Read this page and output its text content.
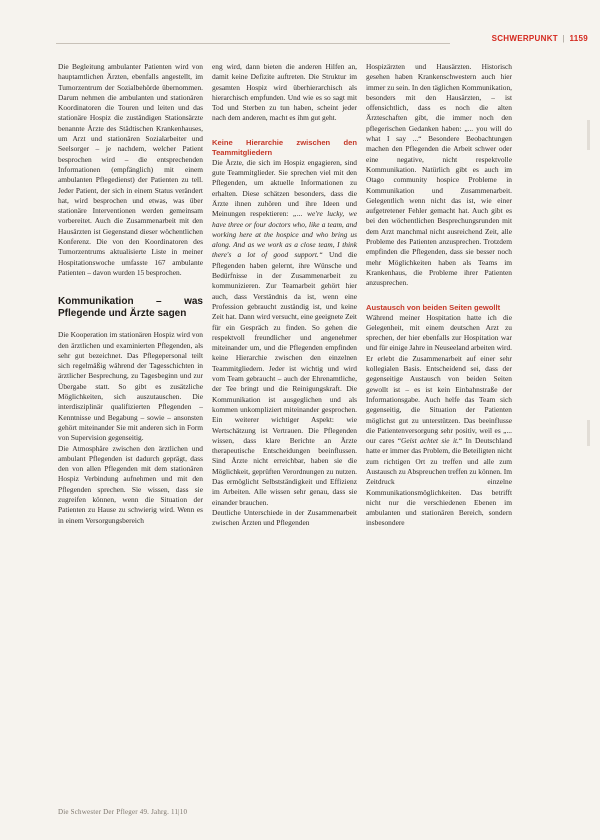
SCHWERPUNKT | 1159

Die Begleitung ambulanter Patienten wird von hauptamtlichen Ärzten, ebenfalls angestellt, im Tumorzentrum der Sozialbehörde übernommen. Darum nehmen die ambulanten und stationären Koordinatoren die Touren und leiten und das stationäre Hospiz die zuständigen Stationsärzte benannte Ärzte des Städtischen Krankenhauses, um Arzt und stationären Sozialarbeiter und Seelsorger – je nachdem, welcher Patient besprochen wird – die entsprechenden Informationen (empfänglich) mit einem ambulanten Pflegedienst) der Patienten zu tell. Jeder Patient, der sich in einem Status verändert hat, wird besprochen und etwas, was über stationäre Interventionen werden gemeinsam vorbereitet. Auch die Zusammenarbeit mit den Hausärzten ist Gegenstand dieser wöchentlichen Konferenz. Die von den Koordinatoren des Tumorzentrums aktualisierte Liste in meiner Hospitationswoche umfasste 167 ambulante Patienten – davon wurden 15 besprochen.

Kommunikation – was Pflegende und Ärzte sagen

Die Kooperation im stationären Hospiz wird von den ärztlichen und examinierten Pflegenden, als sehr gut bezeichnet. Das Pflegepersonal teilt sich regelmäßig während der Tagesschichten in ärztlicher Besprechung, zu Tagesbeginn und zur Übergabe statt. So gibt es zusätzliche Möglichkeiten, sich auszutauschen. Die interdisziplinär qualifizierten Pflegenden – Kenntnisse und Begabung – sowie – ansonsten gehört miteinander Sie mit anderen sich in Form von Supervision gegenseitig.

Die Atmosphäre zwischen den ärztlichen und ambulant Pflegenden ist dadurch geprägt, dass den von allen Pflegenden mit dem stationären Hospiz Verbindung aufnehmen und mit den Pflegenden sprechen. Sie wissen, dass sie zugreifen können, wenn die Situation der Patienten zu Hause zu schwierig wird. Wenn es in einem Versorgungsbereich

eng wird, dann bieten die anderen Hilfen an, damit keine Defizite auftreten. Die Struktur im gesamten Hospiz wird überhierarchisch als hierarchisch empfunden. Und wie es so sagt mit Tod und Sterben zu tun haben, scheint jeder nach dem anderen, macht es ihm gut geht.

Keine Hierarchie zwischen den Teammitgliedern

Die Ärzte, die sich im Hospiz engagieren, sind gute Teammitglieder. Sie sprechen viel mit den Pflegenden, um aktuelle Informationen zu erhalten. Diese schätzen besonders, dass die Ärzte ihnen zuhören und ihre Ideen und Meinungen respektieren: „... we're lucky, we have three or four doctors who, like a team, and working here at the hospice and who bring us along. And as we work as a close team, I think there's a lot of good support.“ Und die Pflegenden haben gelernt, ihre Wünsche und Bedürfnisse in der Zusammenarbeit zu kommunizieren. Zur Teamarbeit gehört hier auch, dass Verständnis da ist, wenn eine Profession gebraucht zuständig ist, und keine Zeit hat. Dann wird versucht, eine geeignete Zeit für ein Gespräch zu finden. So gehen die respektvoll freundlicher und angenehmer miteinander um, und die Pflegenden empfinden keine Hierarchie zwischen den einzelnen Teammitgliedern. Jeder ist wichtig und wird vom Team gebraucht – auch der Ehrenamtliche, der Tee bringt und die Reinigungskraft. Die Kommunikation ist ausgeglichen und als kommen unkompliziert miteinander gesprochen. Ein weiterer wichtiger Aspekt: wie Wertschätzung ist Vertrauen. Die Pflegenden wissen, dass klare Berichte an Ärzte therapeutische Entscheidungen beeinflussen. Sind Ärzte nicht erreichbar, haben sie die Möglichkeit, geprüften Verordnungen zu nutzen. Das ermöglicht Selbstständigkeit und Effizienz im Arbeiten. Alle wissen sehr genau, dass sie einander brauchen.

Deutliche Unterschiede in der Zusammenarbeit zwischen Ärzten und Pflegenden

Hospizärzten und Hausärzten. Historisch gesehen haben Krankenschwestern auch hier immer zu sein. In den täglichen Kommunikation, besonders mit den Hausärzten, – ist offensichtlich, dass es noch die alten Ärzteschaften gibt, die immer noch den pflegerischen Gedanken haben: „... you will do what I say ...“ Besondere Beobachtungen machen den Pflegenden die Arbeit schwer oder eine negative, nicht respektvolle Kommunikation. Natürlich gibt es auch im Otago community hospice Probleme in Kommunikation und Zusammenarbeit. Gelegentlich wenn nicht das ist, wie einer aufgetretener Fehler gemacht hat. Auch gibt es bei den wöchentlichen Besprechungsrunden mit dem Arzt manchmal nicht ausreichend Zeit, alle Probleme des Patienten anzusprechen. Trotzdem empfinden die Pflegenden, dass sie besser noch mehr Möglichkeiten haben als Teams im Krankenhaus, die Probleme ihrer Patienten anzusprechen.

Austausch von beiden Seiten gewollt

Während meiner Hospitation hatte ich die Gelegenheit, mit einem deutschen Arzt zu sprechen, der hier ebenfalls zur Hospitation war und für einige Jahre in Neuseeland arbeiten wird. Er erlebt die Zusammenarbeit auf einer sehr kollegialen Basis. Entscheidend sei, dass der gegenseitige Austausch von beiden Seiten gewollt ist – es ist kein Einbahnstraße der Informationsgabe. Auch helfe das Team sich gegenseitig, die Situation der Patienten möglichst gut zu unterstützen. Das beeinflusse die Patientenversorgung sehr positiv, weil es „... our cares “Geist achtet sie it.“ In Deutschland hatte er immer das Problem, die Beteiligten nicht zum richtigen Ort zu treffen und alle zum Austausch zu Abspreuchen treffen zu können. Im Zeitdruck einzelne Kommunikationsmöglichkeiten. Das betrifft nicht nur die verschiedenen Ebenen im ambulanten und stationären Bereich, sondern insbesondere

Die Schwester Der Pfleger 49. Jahrg. 11|10
